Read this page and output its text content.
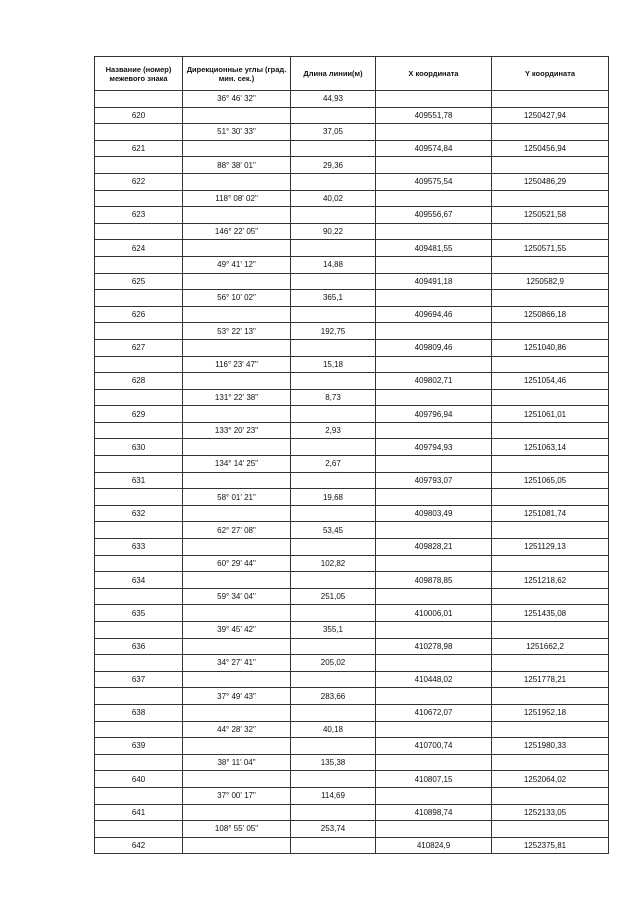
Название (номер) межевого знака	Дирекционные углы (град. мин. сек.)	Длина линии(м)	X координата	Y координата
	36° 46' 32"	44,93		
620			409551,78	1250427,94
	51° 30' 33"	37,05		
621			409574,84	1250456,94
	88° 38' 01"	29,36		
622			409575,54	1250486,29
	118° 08' 02"	40,02		
623			409556,67	1250521,58
	146° 22' 05"	90,22		
624			409481,55	1250571,55
	49° 41' 12"	14,88		
625			409491,18	1250582,9
	56° 10' 02"	365,1		
626			409694,46	1250866,18
	53° 22' 13"	192,75		
627			409809,46	1251040,86
	116° 23' 47"	15,18		
628			409802,71	1251054,46
	131° 22' 38"	8,73		
629			409796,94	1251061,01
	133° 20' 23"	2,93		
630			409794,93	1251063,14
	134° 14' 25"	2,67		
631			409793,07	1251065,05
	58° 01' 21"	19,68		
632			409803,49	1251081,74
	62° 27' 08"	53,45		
633			409828,21	1251129,13
	60° 29' 44"	102,82		
634			409878,85	1251218,62
	59° 34' 04"	251,05		
635			410006,01	1251435,08
	39° 45' 42"	355,1		
636			410278,98	1251662,2
	34° 27' 41"	205,02		
637			410448,02	1251778,21
	37° 49' 43"	283,66		
638			410672,07	1251952,18
	44° 28' 32"	40,18		
639			410700,74	1251980,33
	38° 11' 04"	135,38		
640			410807,15	1252064,02
	37° 00' 17"	114,69		
641			410898,74	1252133,05
	108° 55' 05"	253,74		
642			410824,9	1252375,81
